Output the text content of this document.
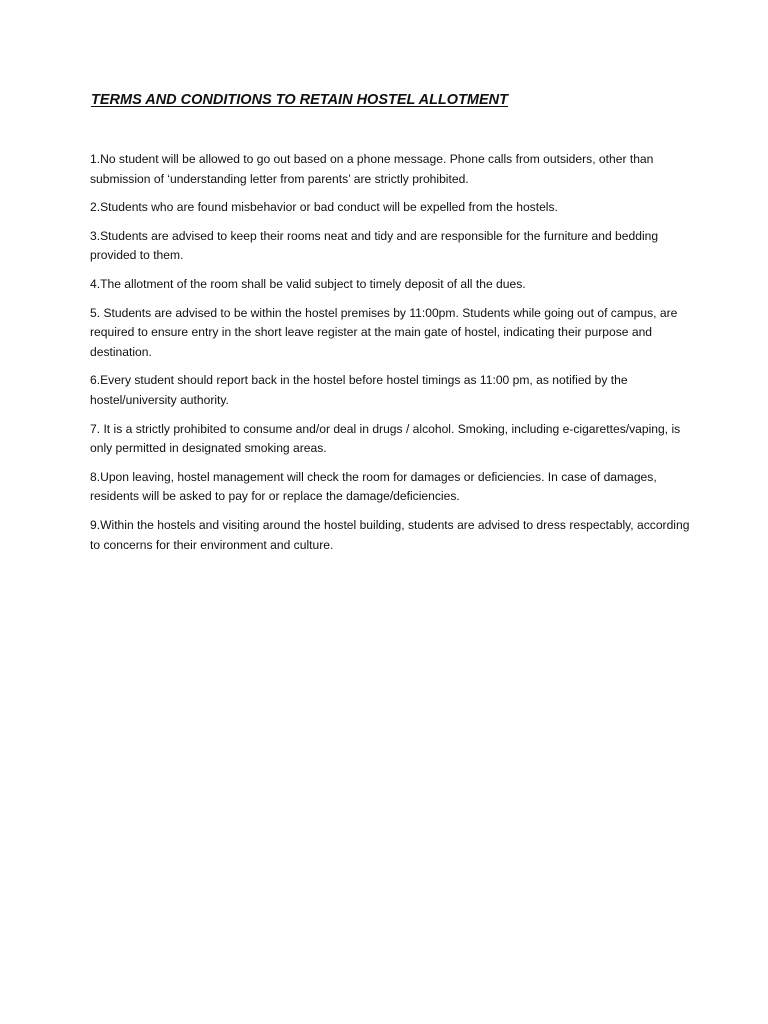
TERMS AND CONDITIONS TO RETAIN HOSTEL ALLOTMENT
1.No student will be allowed to go out based on a phone message. Phone calls from outsiders, other than submission of ‘understanding letter from parents’ are strictly prohibited.
2.Students who are found misbehavior or bad conduct will be expelled from the hostels.
3.Students are advised to keep their rooms neat and tidy and are responsible for the furniture and bedding provided to them.
4.The allotment of the room shall be valid subject to timely deposit of all the dues.
5. Students are advised to be within the hostel premises by 11:00pm. Students while going out of campus, are required to ensure entry in the short leave register at the main gate of hostel, indicating their purpose and destination.
6.Every student should report back in the hostel before hostel timings as 11:00 pm, as notified by the hostel/university authority.
7. It is a strictly prohibited to consume and/or deal in drugs / alcohol. Smoking, including e-cigarettes/vaping, is only permitted in designated smoking areas.
8.Upon leaving, hostel management will check the room for damages or deficiencies. In case of damages, residents will be asked to pay for or replace the damage/deficiencies.
9.Within the hostels and visiting around the hostel building, students are advised to dress respectably, according to concerns for their environment and culture.
